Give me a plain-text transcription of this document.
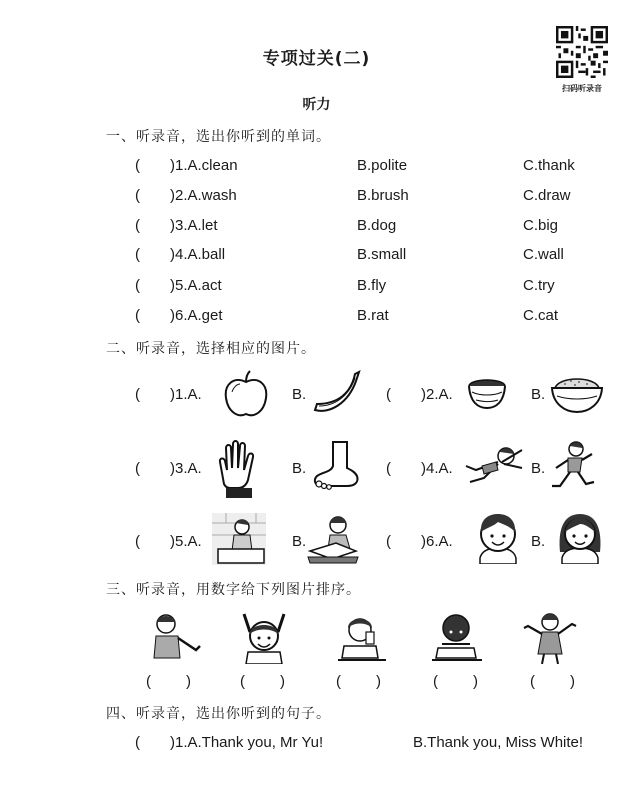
专项过关(二)
听力
扫码听录音
一、听录音，选出你听到的单词。
( )1.A.clean	B.polite	C.thank
( )2.A.wash	B.brush	C.draw
( )3.A.let	B.dog	C.big
( )4.A.ball	B.small	C.wall
( )5.A.act	B.fly	C.try
( )6.A.get	B.rat	C.cat
二、听录音，选择相应的图片。
( )1.A.	B.	( )2.A.	B.
( )3.A.	B.	( )4.A.	B.
( )5.A.	B.	( )6.A.	B.
三、听录音，用数字给下列图片排序。
( )	( )	( )	( )	( )
四、听录音，选出你听到的句子。
( )1.A.Thank you, Mr Yu!	B.Thank you, Miss White!
